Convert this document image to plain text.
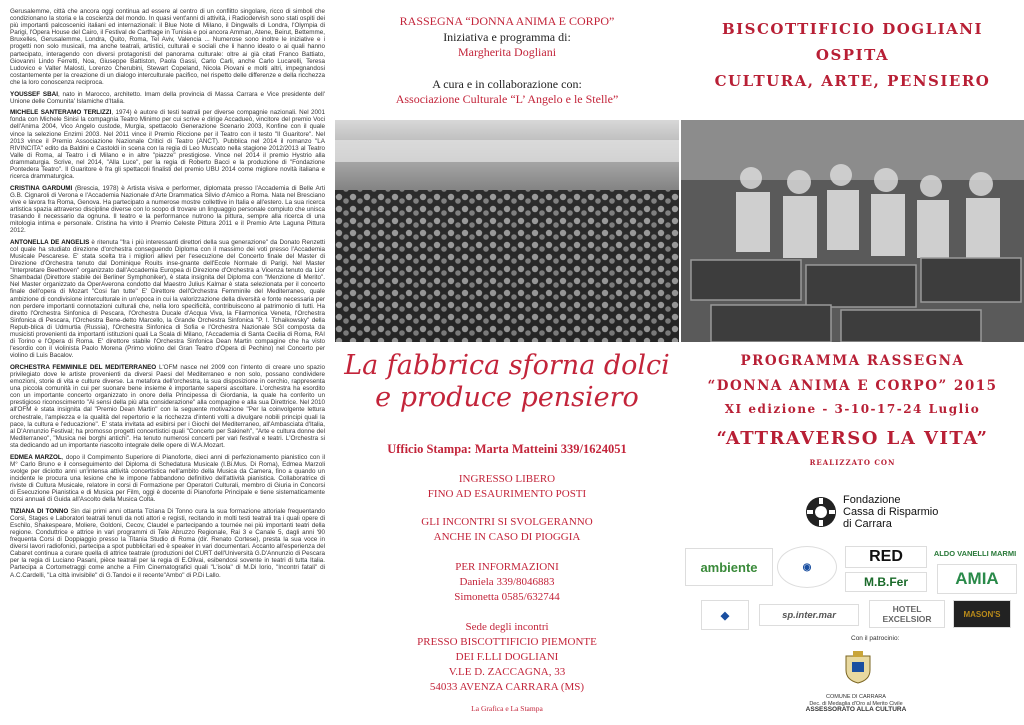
Gerusalemme, città che ancora oggi continua ad essere al centro di un conflitto singolare, ricco di simboli che condizionano la storia e la coscienza del mondo. In quasi vent'anni di attività, i Radiodervish sono stati ospiti dei più importanti palcoscenici italiani ed internazionali: il Blue Note di Milano, il Dingwalls di Londra, l'Olympia di Parigi, l'Opera House del Cairo, il Festival de Carthage in Tunisia e poi ancora Amman, Atene, Beirut, Bettemme, Bruxelles, Gerusalemme, Londra, Quito, Roma, Tel Aviv, Valencia ... Numerose sono inoltre le iniziative e i progetti non solo musicali, ma anche teatrali, artistici, culturali e sociali che li hanno ideato o ai quali hanno partecipato, interagendo con diversi protagonisti del panorama culturale: oltre ai già citati Franco Battiato, Giovanni Lindo Ferretti, Noa, Giuseppe Battiston, Paola Gassi, Carlo Carli, anche Carlo Lucarelli, Teresa Ludovico e Valter Malosti, Lorenzo Cherubini, Stewart Copeland, Nicola Piovani e molti altri, impegnandosi costantemente per la creazione di un dialogo interculturale pacifico, nel rispetto delle differenze e della ricchezza che la loro conoscenza reciproca.

YOUSSEF SBAI, nato in Marocco, architetto. Imam della provincia di Massa Carrara e Vice presidente dell' Unione delle Comunita' Islamiche d'Italia.

MICHELE SANTERAMO TERLIZZI, 1974) è autore di testi teatrali per diverse compagnie nazionali. Nel 2001 fonda con Michele Sinisi la compagnia Teatro Minimo per cui scrive e dirige Accadueò, vincitore del premio Voci dell'Anima 2004, Vico Angelo custode, Murgia, spettacolo Generazione Scenario 2003, Konfine con il quale vince la selezione Enzimi 2003. Nel 2011 vince il Premio Riccione per il Teatro con il testo "Il Guaritore". Nel 2013 vince il Premio Associazione Nazionale Critici di Teatro (ANCT). Pubblica nel 2014 il romanzo "LA RIVINCITA" edito da Baldini e Castoldi in scena con la regia di Leo Muscato nella stagione 2012/2013 al Teatro Valle di Roma, al Teatro i di Milano e in altre "piazze" prestigiose. Vince nel 2014 il premio Hystrio alla drammaturgia. Scrive, nel 2014, "Alla Luce", per la regia di Roberto Bacci e la produzione di "Fondazione Pontedera Teatro". Il Guaritore è fra gli spettacoli finalisti del premio UBU 2014 come migliore novità italiana e ricerca drammaturgica.

CRISTINA GARDUMI (Brescia, 1978) è Artista visiva e performer, diplomata presso l'Accademia di Belle Arti G.B. Cignaroli di Verona e l'Accademia Nazionale d'Arte Drammatica Silvio d'Amico a Roma. Nata nel Bresciano vive e lavora fra Roma, Genova. Ha partecipato a numerose mostre collettive in Italia e all'estero. La sua ricerca artistica spazia attraverso discipline diverse con lo scopo di trovare un linguaggio personale compiuto che unisca trasando il necessario da ognuna. Il teatro e la performance nutrono la pittura, sempre alla ricerca di una mitologia intima e personale. Cristina ha vinto il Premio Celeste Pittura 2011 e il Premio Arte Laguna Pittura 2012.

ANTONELLA DE ANGELIS è ritenuta "fra i più interessanti direttori della sua generazione" da Donato Renzetti col quale ha studiato direzione d'orchestra conseguendo Diploma con il massimo dei voti presso l'Accademia Musicale Pescarese. E' stata scelta tra i migliori allievi per l'esecuzione del Concerto finale del Master di Direzione d'Orchestra tenuto dal Dominique Rouits inse-gnante dell'Ecole Normale di Parigi. Nel Master "Interpretare Beethoven" organizzato dall'Accademia Europea di Direzione d'Orchestra a Vicenza tenuto da Lior Shambadal (Direttore stabile dei Berliner Symphoniker), è stata insignita del Diploma con "Menzione di Merito". Nel Master organizzato da OperAverona condotto dal Maestro Julius Kalmar è stata selezionata per il concerto finale dell'opera di Mozart "Cosi fan tutte" E' Direttore dell'Orchestra Femminile del Mediterraneo, quale ambizione di condivisione interculturale in un'epoca in cui la valorizzazione della diversità e fonte necessaria per non perdere importanti connotazioni culturali che, nella loro specificità, contribuiscono al patrimonio di tutti. Ha diretto l'Orchestra Sinfonica di Pescara, l'Orchestra Ducale d'Acqua Viva, la Filarmonica Veneta, l'Orchestra Sinfonica di Pescara, l'Orchestra Bene-detto Marcello, la Grande Orchestra Sinfonica "P. I. Tchaikowsky" della Repub-blica di Udmurtia (Russia), l'Orchestra Sinfonica di Sofia e l'Orchestra Nazionale SGI composta da musicisti provenienti da importanti istituzioni quali La Scala di Milano, l'Accademia di Santa Cecilia di Roma, RAI di Torino e l'Opera di Roma. E' direttore stabile l'Orchestra Sinfonica Dean Martin compagine che ha visto l'esordio con il violinista Paolo Morena (Primo violino del Gran Teatro d'Opera di Pechino) nel Concerto per violino di Luis Bacalov.

ORCHESTRA FEMMINILE DEL MEDITERRANEO L'OFM nasce nel 2009 con l'intento di creare uno spazio privilegiato dove le artiste provenienti da diversi Paesi del Mediterraneo e non solo, possano condividere emozioni, storie di vita e culture diverse. La metafora dell'orchestra, la sua disposizione in cerchio, rappresenta una piccola comunità in cui per suonare bene insieme è importante sapersi ascoltare. L'orchestra ha esordito con un importante concerto organizzato in onore della Principessa di Giordania, la quale ha conferito un prestigioso riconoscimento "Ai sensi della più alta considerazione" alla compagine e alla sua Direttrice. Nel 2010 all'OFM è stata insignita dal "Premio Dean Martin" con la seguente motivazione "Per la coinvolgente lettura orchestrale, l'ampiezza e la qualità del repertorio e la ricchezza d'intenti volti a divulgare nobili principi quali la pace, la cultura e l'educazione". E' stata invitata ad esibirsi per i Giochi del Mediterraneo, all'Ambasciata d'Italia, al D'Annunzio Festival; ha promosso progetti concertistici quali "Concerto per Sakineh", "Arte e cultura donne del Mediterraneo", "Musica nei borghi antichi". Ha tenuto numerosi concerti per vari festival e teatri. L'Orchestra si sta dedicando ad un importante riascolto integrale delle opere di W.A.Mozart.

EDMEA MARZOL, dopo il Compimento Superiore di Pianoforte, dieci anni di perfezionamento pianistico con il M° Carlo Bruno e il conseguimento del Diploma di Schedatura Musicale (I.Bi.Mus. Di Roma), Edmea Marzoli svolge per diciotto anni un'intensa attività concertistica nell'ambito della Musica da Camera, fino a quando un incidente le procura una lesione che le impone l'abbandono definitivo dell'attività pianistica. Collaboratrice di riviste di Cultura Musicale, relatore in corsi di Formazione per Operatori Culturali, membro di Giuria in Concorsi di Esecuzione Pianistica e di Musica per Film, oggi è docente di Pianoforte Principale e tiene sistematicamente corsi annuali di Guida all'Ascolto della Musica Colta.

TIZIANA DI TONNO Sin dai primi anni ottanta Tiziana Di Tonno cura la sua formazione attoriale frequentando Corsi, Stages e Laboratori teatrali tenuti da noti attori e registi, recitando in molti testi teatrali tra i quali opere di Eschilo, Shakespeare, Moliere, Goldoni, Cecov, Claudel e partecipando a tournée nei più importanti teatri della regione. Conduttrice e attrice in vari programmi di Tele Abruzzo Regionale, Rai 3 e Canale 5, dagli anni '90 frequenta Corsi di Doppiaggio presso la Titania Studio di Roma (dir. Renato Cortese), presta la sua voce in diversi lavori radiofonici, partecipa a spot pubblicitari ed è speaker in vari documentari. Accanto all'esperienza del Cabaret continua a curare quella di attrice teatrale (produzioni del CURT dell'Università G.D'Annunzio di Pescara per la regia di Luciano Pasani, pièce teatrali per la regia di E.Olivai, esibendosi sovente in teatri di tutta Italia. Partecipa a Cortometraggi come anche a Film Cinematografici quali "L'isola" di M.Di Iorio, "Incontri fatali" di A.C.Cardelli, "La città invisibile" di G.Tandoi e il recente"Ambo" di P.Di Lallo.

RASSEGNA “DONNA ANIMA E CORPO”
Iniziativa e programma di:
Margherita Dogliani
A cura e in collaborazione con:
Associazione Culturale “L’ Angelo e le Stelle”
La fabbrica sforna dolci
e produce pensiero
Ufficio Stampa: Marta Matteini 339/1624051
INGRESSO LIBERO
FINO AD ESAURIMENTO POSTI
GLI INCONTRI SI SVOLGERANNO
ANCHE IN CASO DI PIOGGIA
PER INFORMAZIONI
Daniela 339/8046883
Simonetta 0585/632744
Sede degli incontri
PRESSO BISCOTTIFICIO PIEMONTE
DEI F.LLI DOGLIANI
V.LE D. ZACCAGNA, 33
54033 AVENZA CARRARA (MS)
La Grafica e La Stampa
BISCOTTIFICIO DOGLIANI
OSPITA
CULTURA, ARTE, PENSIERO
PROGRAMMA RASSEGNA
“DONNA ANIMA E CORPO” 2015
XI edizione - 3-10-17-24 Luglio
“ATTRAVERSO LA VITA”
REALIZZATO CON
Fondazione
Cassa di Risparmio
di Carrara
ambiente	◉
RED	ALDO VANELLI MARMI
M.B.Fer	AMIA
◆	sp.inter.mar
HOTEL EXCELSIOR	MASON'S
Con il patrocinio:
COMUNE DI CARRARA
Dec. di Medaglia d'Oro al Merito Civile
ASSESSORATO ALLA CULTURA
